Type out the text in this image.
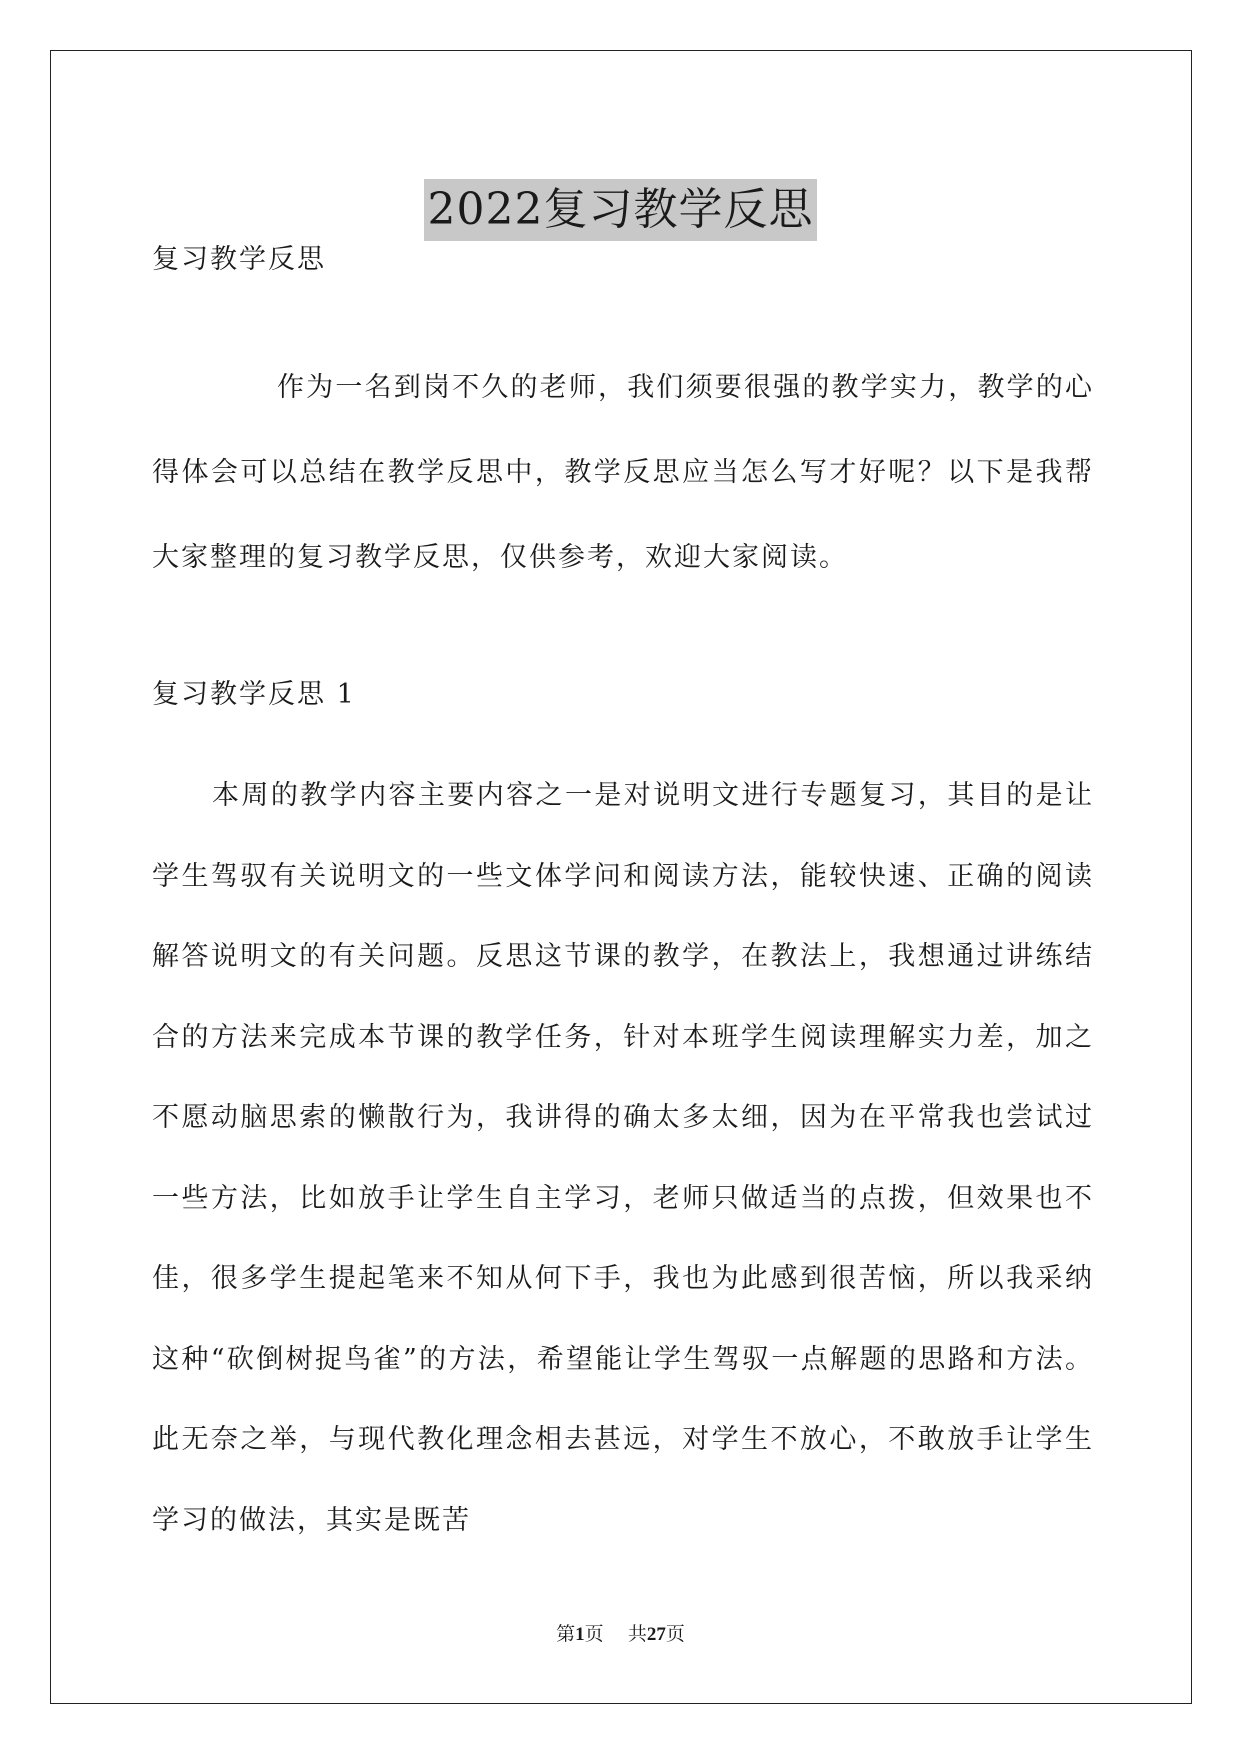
2022复习教学反思
复习教学反思

作为一名到岗不久的老师，我们须要很强的教学实力，教学的心得体会可以总结在教学反思中，教学反思应当怎么写才好呢？以下是我帮大家整理的复习教学反思，仅供参考，欢迎大家阅读。

复习教学反思 1

本周的教学内容主要内容之一是对说明文进行专题复习，其目的是让学生驾驭有关说明文的一些文体学问和阅读方法，能较快速、正确的阅读解答说明文的有关问题。反思这节课的教学，在教法上，我想通过讲练结合的方法来完成本节课的教学任务，针对本班学生阅读理解实力差，加之不愿动脑思索的懒散行为，我讲得的确太多太细，因为在平常我也尝试过一些方法，比如放手让学生自主学习，老师只做适当的点拨，但效果也不佳，很多学生提起笔来不知从何下手，我也为此感到很苦恼，所以我采纳这种“砍倒树捉鸟雀”的方法，希望能让学生驾驭一点解题的思路和方法。此无奈之举，与现代教化理念相去甚远，对学生不放心，不敢放手让学生学习的做法，其实是既苦

第1页 共27页
